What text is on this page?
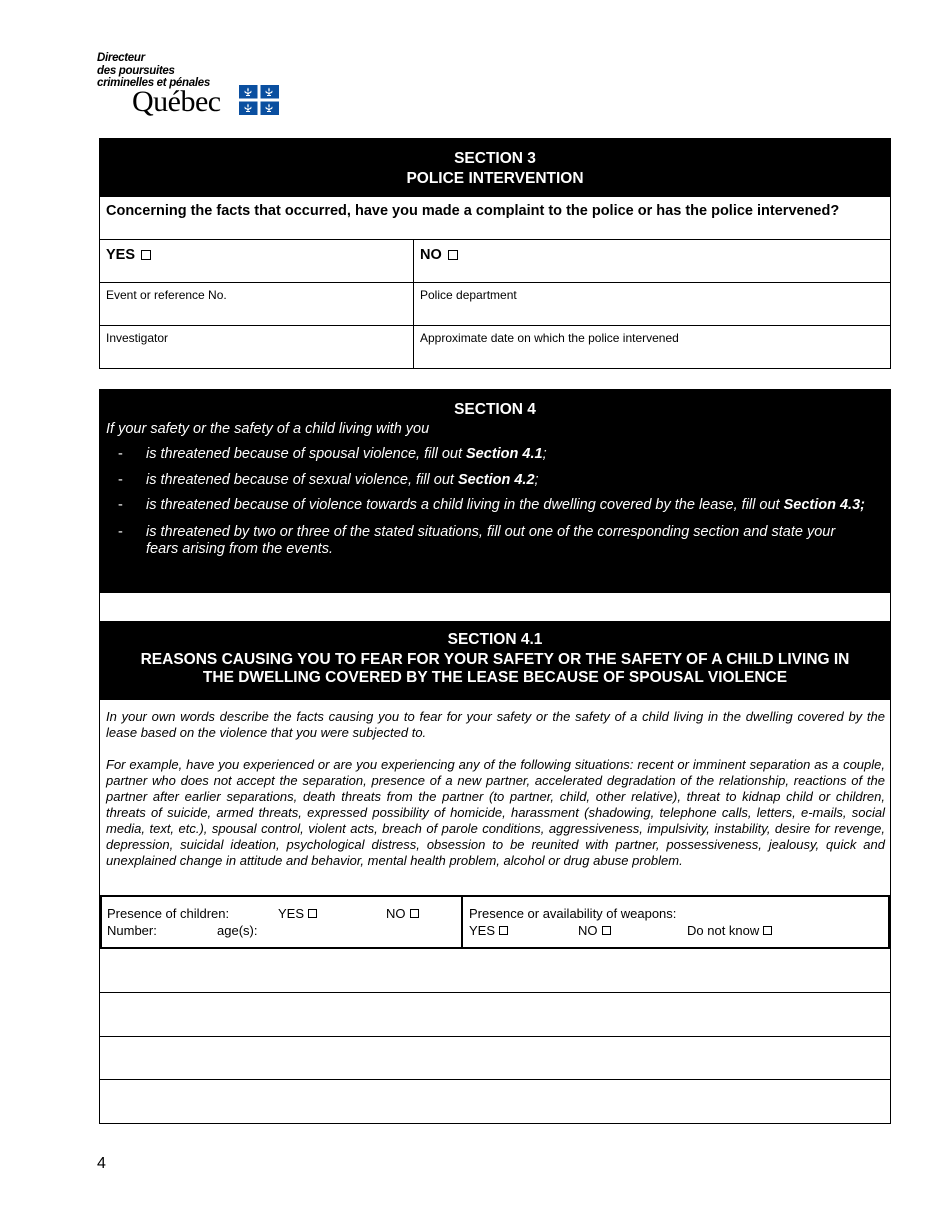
Directeur
des poursuites
criminelles et pénales
Québec
SECTION 3
POLICE INTERVENTION
Concerning the facts that occurred, have you made a complaint to the police or has the police intervened?
YES	NO
Event or reference No.	Police department
Investigator	Approximate date on which the police intervened
SECTION 4
If your safety or the safety of a child living with you
- is threatened because of spousal violence, fill out Section 4.1;
- is threatened because of sexual violence, fill out Section 4.2;
- is threatened because of violence towards a child living in the dwelling covered by the lease, fill out Section 4.3;
- is threatened by two or three of the stated situations, fill out one of the corresponding section and state your fears arising from the events.
SECTION 4.1
REASONS CAUSING YOU TO FEAR FOR YOUR SAFETY OR THE SAFETY OF A CHILD LIVING IN
THE DWELLING COVERED BY THE LEASE BECAUSE OF SPOUSAL VIOLENCE
In your own words describe the facts causing you to fear for your safety or the safety of a child living in the dwelling covered by the lease based on the violence that you were subjected to.
For example, have you experienced or are you experiencing any of the following situations: recent or imminent separation as a couple, partner who does not accept the separation, presence of a new partner, accelerated degradation of the relationship, reactions of the partner after earlier separations, death threats from the partner (to partner, child, other relative), threat to kidnap child or children, threats of suicide, armed threats, expressed possibility of homicide, harassment (shadowing, telephone calls, letters, e-mails, social media, text, etc.), spousal control, violent acts, breach of parole conditions, aggressiveness, impulsivity, instability, desire for revenge, depression, suicidal ideation, psychological distress, obsession to be reunited with partner, possessiveness, jealousy, quick and unexplained change in attitude and behavior, mental health problem, alcohol or drug abuse problem.
Presence of children:	YES	NO
Number:	age(s):
Presence or availability of weapons:
YES	NO	Do not know
4
